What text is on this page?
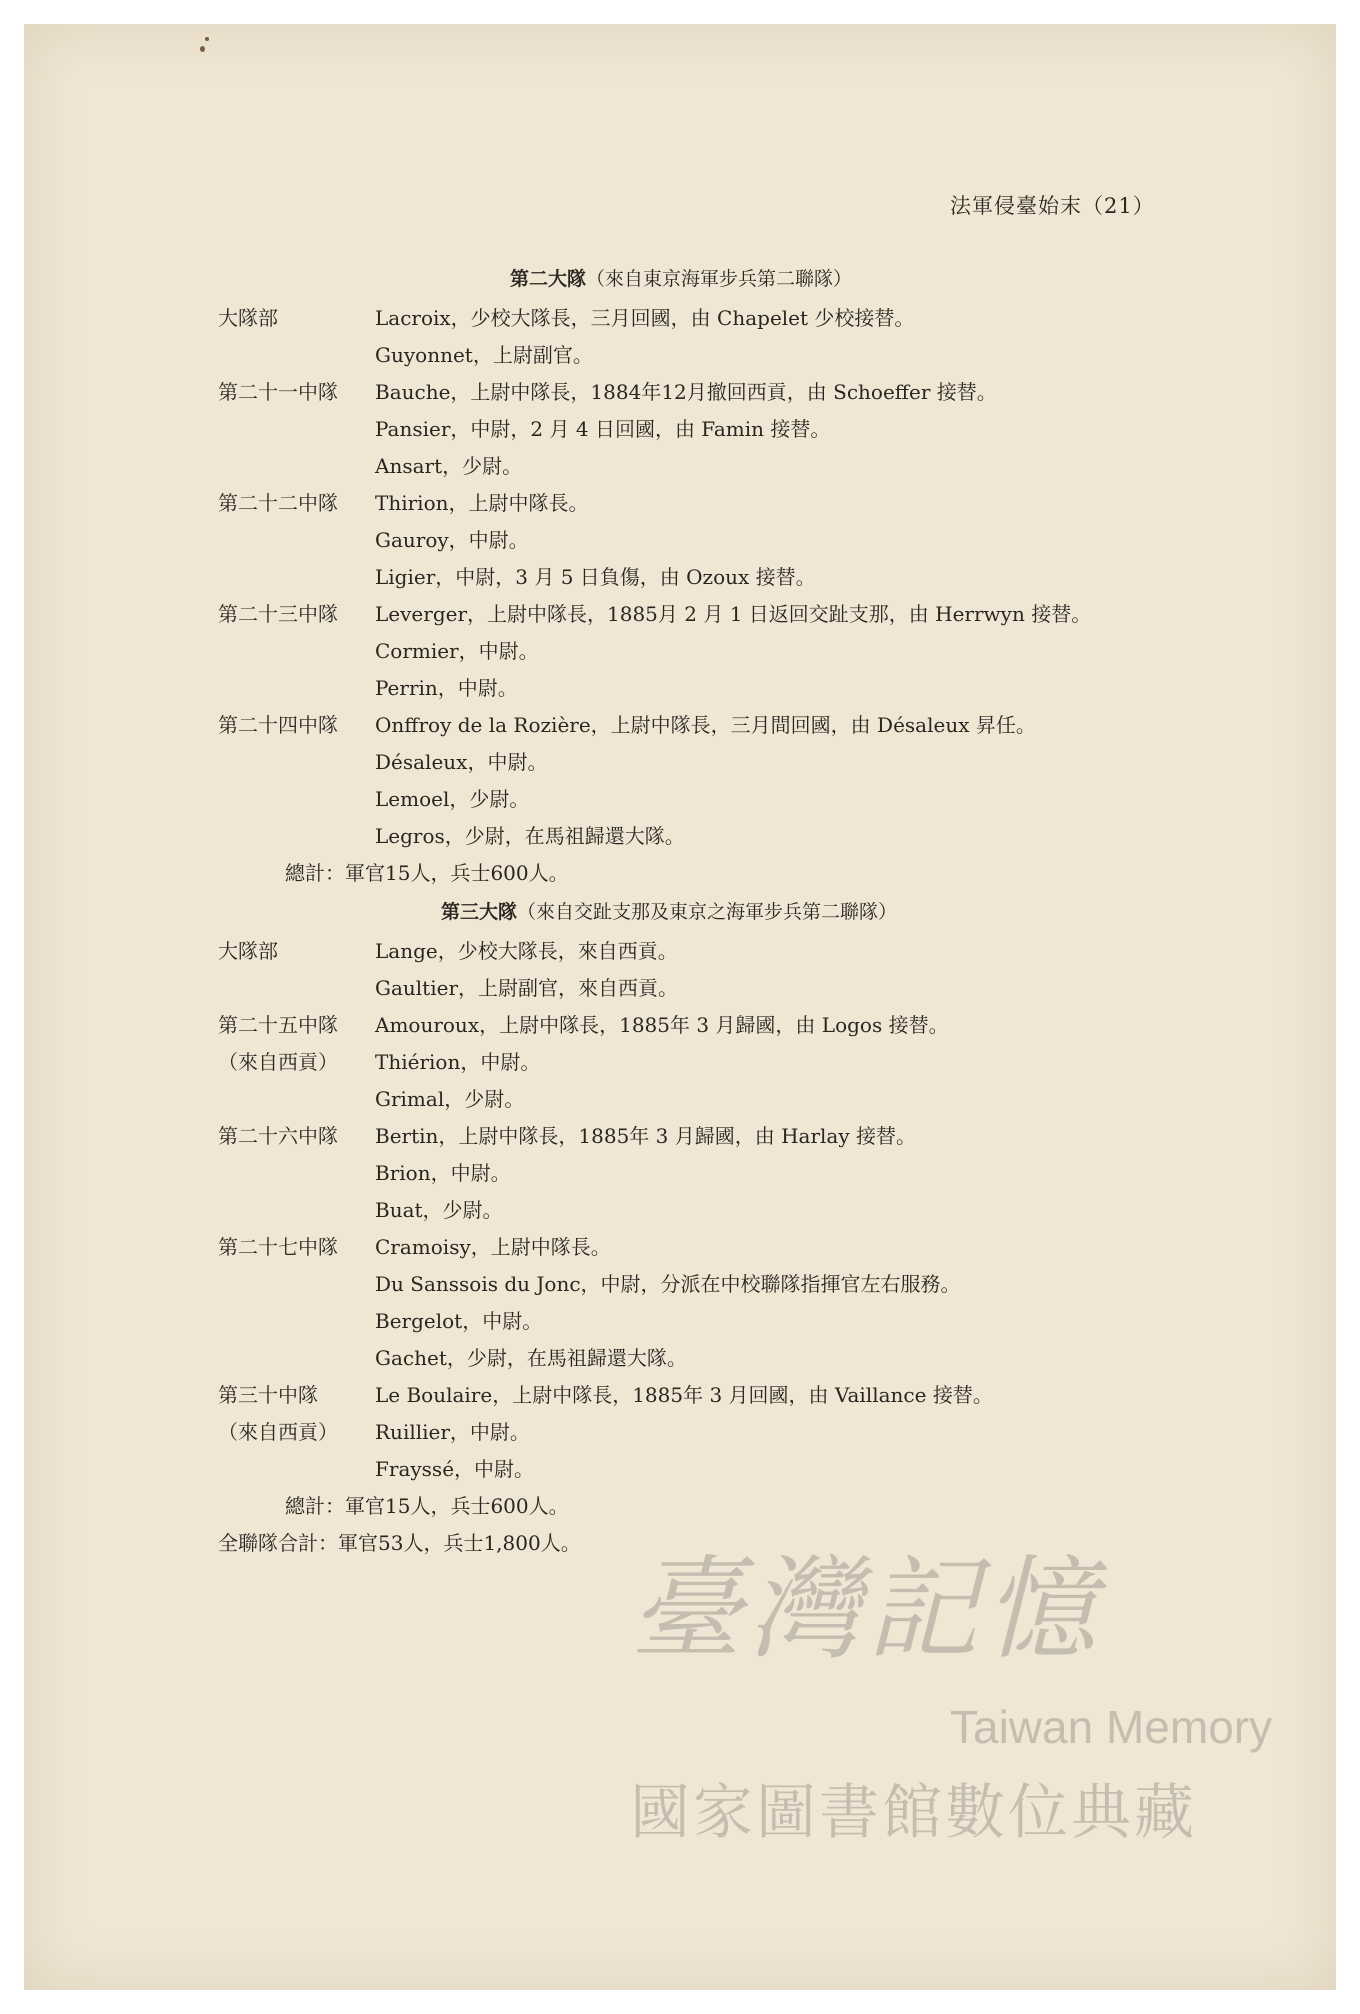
法軍侵臺始末（21）
第二大隊（來自東京海軍步兵第二聯隊）
大隊部	Lacroix，少校大隊長，三月回國，由 Chapelet 少校接替。
Guyonnet，上尉副官。
第二十一中隊	Bauche，上尉中隊長，1884年12月撤回西貢，由 Schoeffer 接替。
Pansier，中尉，2 月 4 日回國，由 Famin 接替。
Ansart，少尉。
第二十二中隊	Thirion，上尉中隊長。
Gauroy，中尉。
Ligier，中尉，3 月 5 日負傷，由 Ozoux 接替。
第二十三中隊	Leverger，上尉中隊長，1885月 2 月 1 日返回交趾支那，由 Herrwyn 接替。
Cormier，中尉。
Perrin，中尉。
第二十四中隊	Onffroy de la Rozière，上尉中隊長，三月間回國，由 Désaleux 昇任。
Désaleux，中尉。
Lemoel，少尉。
Legros，少尉，在馬祖歸還大隊。
總計：軍官15人，兵士600人。
第三大隊（來自交趾支那及東京之海軍步兵第二聯隊）
大隊部	Lange，少校大隊長，來自西貢。
Gaultier，上尉副官，來自西貢。
第二十五中隊	Amouroux，上尉中隊長，1885年 3 月歸國，由 Logos 接替。
（來自西貢）	Thiérion，中尉。
Grimal，少尉。
第二十六中隊	Bertin，上尉中隊長，1885年 3 月歸國，由 Harlay 接替。
Brion，中尉。
Buat，少尉。
第二十七中隊	Cramoisy，上尉中隊長。
Du Sanssois du Jonc，中尉，分派在中校聯隊指揮官左右服務。
Bergelot，中尉。
Gachet，少尉，在馬祖歸還大隊。
第三十中隊	Le Boulaire，上尉中隊長，1885年 3 月回國，由 Vaillance 接替。
（來自西貢）	Ruillier，中尉。
Frayssé，中尉。
總計：軍官15人，兵士600人。
全聯隊合計：軍官53人，兵士1,800人。
臺灣記憶
Taiwan Memory
國家圖書館數位典藏
